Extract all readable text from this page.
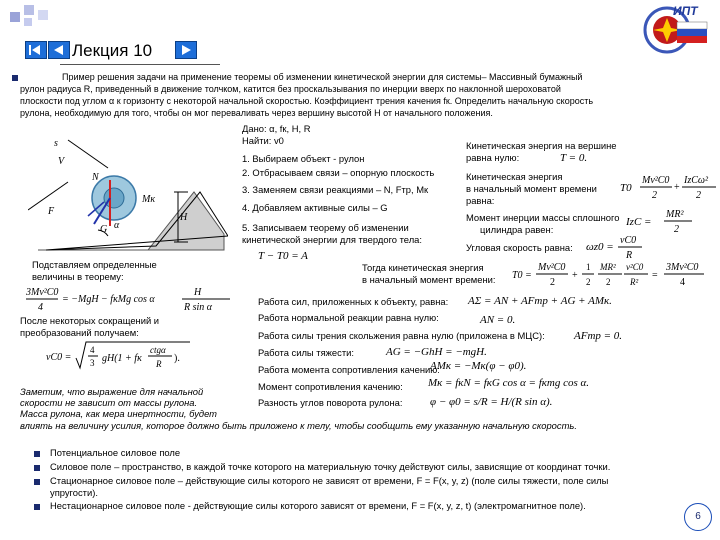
Лекция 10
ИПТ
Пример решения задачи на применение теоремы об изменении кинетической энергии для системы– Массивный бумажный
рулон радиуса R, приведенный в движение толчком, катится без проскальзывания по инерции вверх по наклонной шероховатой
плоскости под углом α к горизонту с некоторой начальной скоростью. Коэффициент трения качения fк. Определить начальную скорость
рулона, необходимую для того, чтобы он мог переваливать через вершину высотой H от начального положения.
Дано: α, fк, H, R
Найти: v0
s
V
N
F
G
Mк
H
α
1. Выбираем объект - рулон
2. Отбрасываем связи – опорную плоскость
3. Заменяем связи реакциями – N, Fтр, Mк
4. Добавляем активные силы – G
5. Записываем теорему об изменении
кинетической энергии для твердого тела:
T − T0 = A
Кинетическая энергия на вершине
равна нулю:	T = 0.
Кинетическая энергия
в начальный момент времени
равна:
T0
Mv²C0
2
+
IzCω²
2
Момент инерции массы сплошного
цилиндра равен:
IzC =
MR²
2
Угловая скорость равна: ωz0 =
vC0
R
Подставляем определенные
величины в теорему:
3Mv²C0
4
= −MgH − fкMg cos α
H
R sin α
После некоторых сокращений и
преобразований получаем:
vC0 =
4
3 gH(1 + fк
ctgα
R ).
Тогда кинетическая энергия
в начальный момент времени: T0 =
Mv²C0
2
+
1
2
MR²
2
v²C0
R²
=
3Mv²C0
4
Работа сил, приложенных к объекту, равна: AΣ = AN + AFтр + AG + AMк.
Работа нормальной реакции равна нулю:	AN = 0.
Работа силы трения скольжения равна нулю (приложена в МЦС):	AFтр = 0.
Работа силы тяжести:	AG = −GhH = −mgH.
Работа момента сопротивления качению:
AMк = −Mк(φ − φ0).
Момент сопротивления качению: Mк = fкN = fкG cos α = fкmg cos α.
Разность углов поворота рулона:	φ − φ0 = s/R = H/(R sin α).
Заметим, что выражение для начальной
скорости не зависит от массы рулона.
Масса рулона, как мера инертности, будет
влиять на величину усилия, которое должно быть приложено к телу, чтобы сообщить ему указанную начальную скорость.
Потенциальное силовое поле
Силовое поле – пространство, в каждой точке которого на материальную точку действуют силы, зависящие от координат точки.
Стационарное силовое поле – действующие силы которого не зависят от времени, F = F(x, y, z) (поле силы тяжести, поле силы
упругости).
Нестационарное силовое поле - действующие силы которого зависят от времени, F = F(x, y, z, t) (электромагнитное поле).
6
